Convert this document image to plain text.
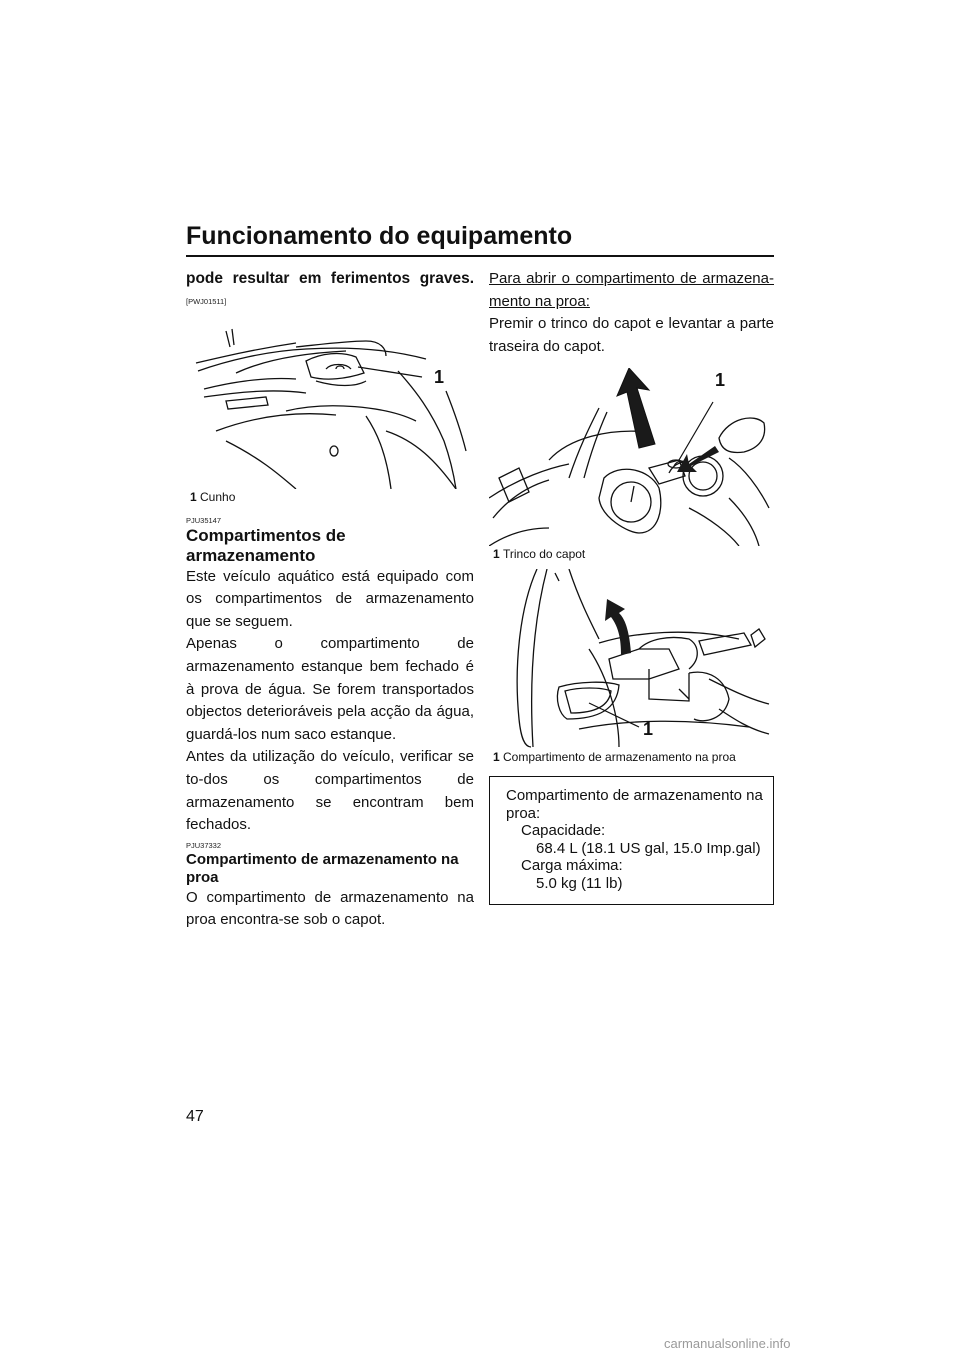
Funcionamento do equipamento

pode resultar em ferimentos graves.

[PWJ01511]

1
1 Cunho

PJU35147

Compartimentos de armazenamento

Este veículo aquático está equipado com os compartimentos de armazenamento que se seguem.

Apenas o compartimento de armazenamento estanque bem fechado é à prova de água. Se forem transportados objectos deterioráveis pela acção da água, guardá-los num saco estanque.

Antes da utilização do veículo, verificar se to-dos os compartimentos de armazenamento se encontram bem fechados.

PJU37332

Compartimento de armazenamento na proa

O compartimento de armazenamento na proa encontra-se sob o capot.

Para abrir o compartimento de armazena-mento na proa:

Premir o trinco do capot e levantar a parte traseira do capot.

1
1 Trinco do capot
1
1 Compartimento de armazenamento na proa
Compartimento de armazenamento na proa:
Capacidade:
68.4 L (18.1 US gal, 15.0 Imp.gal)
Carga máxima:
5.0 kg (11 lb)
47
carmanualsonline.info
